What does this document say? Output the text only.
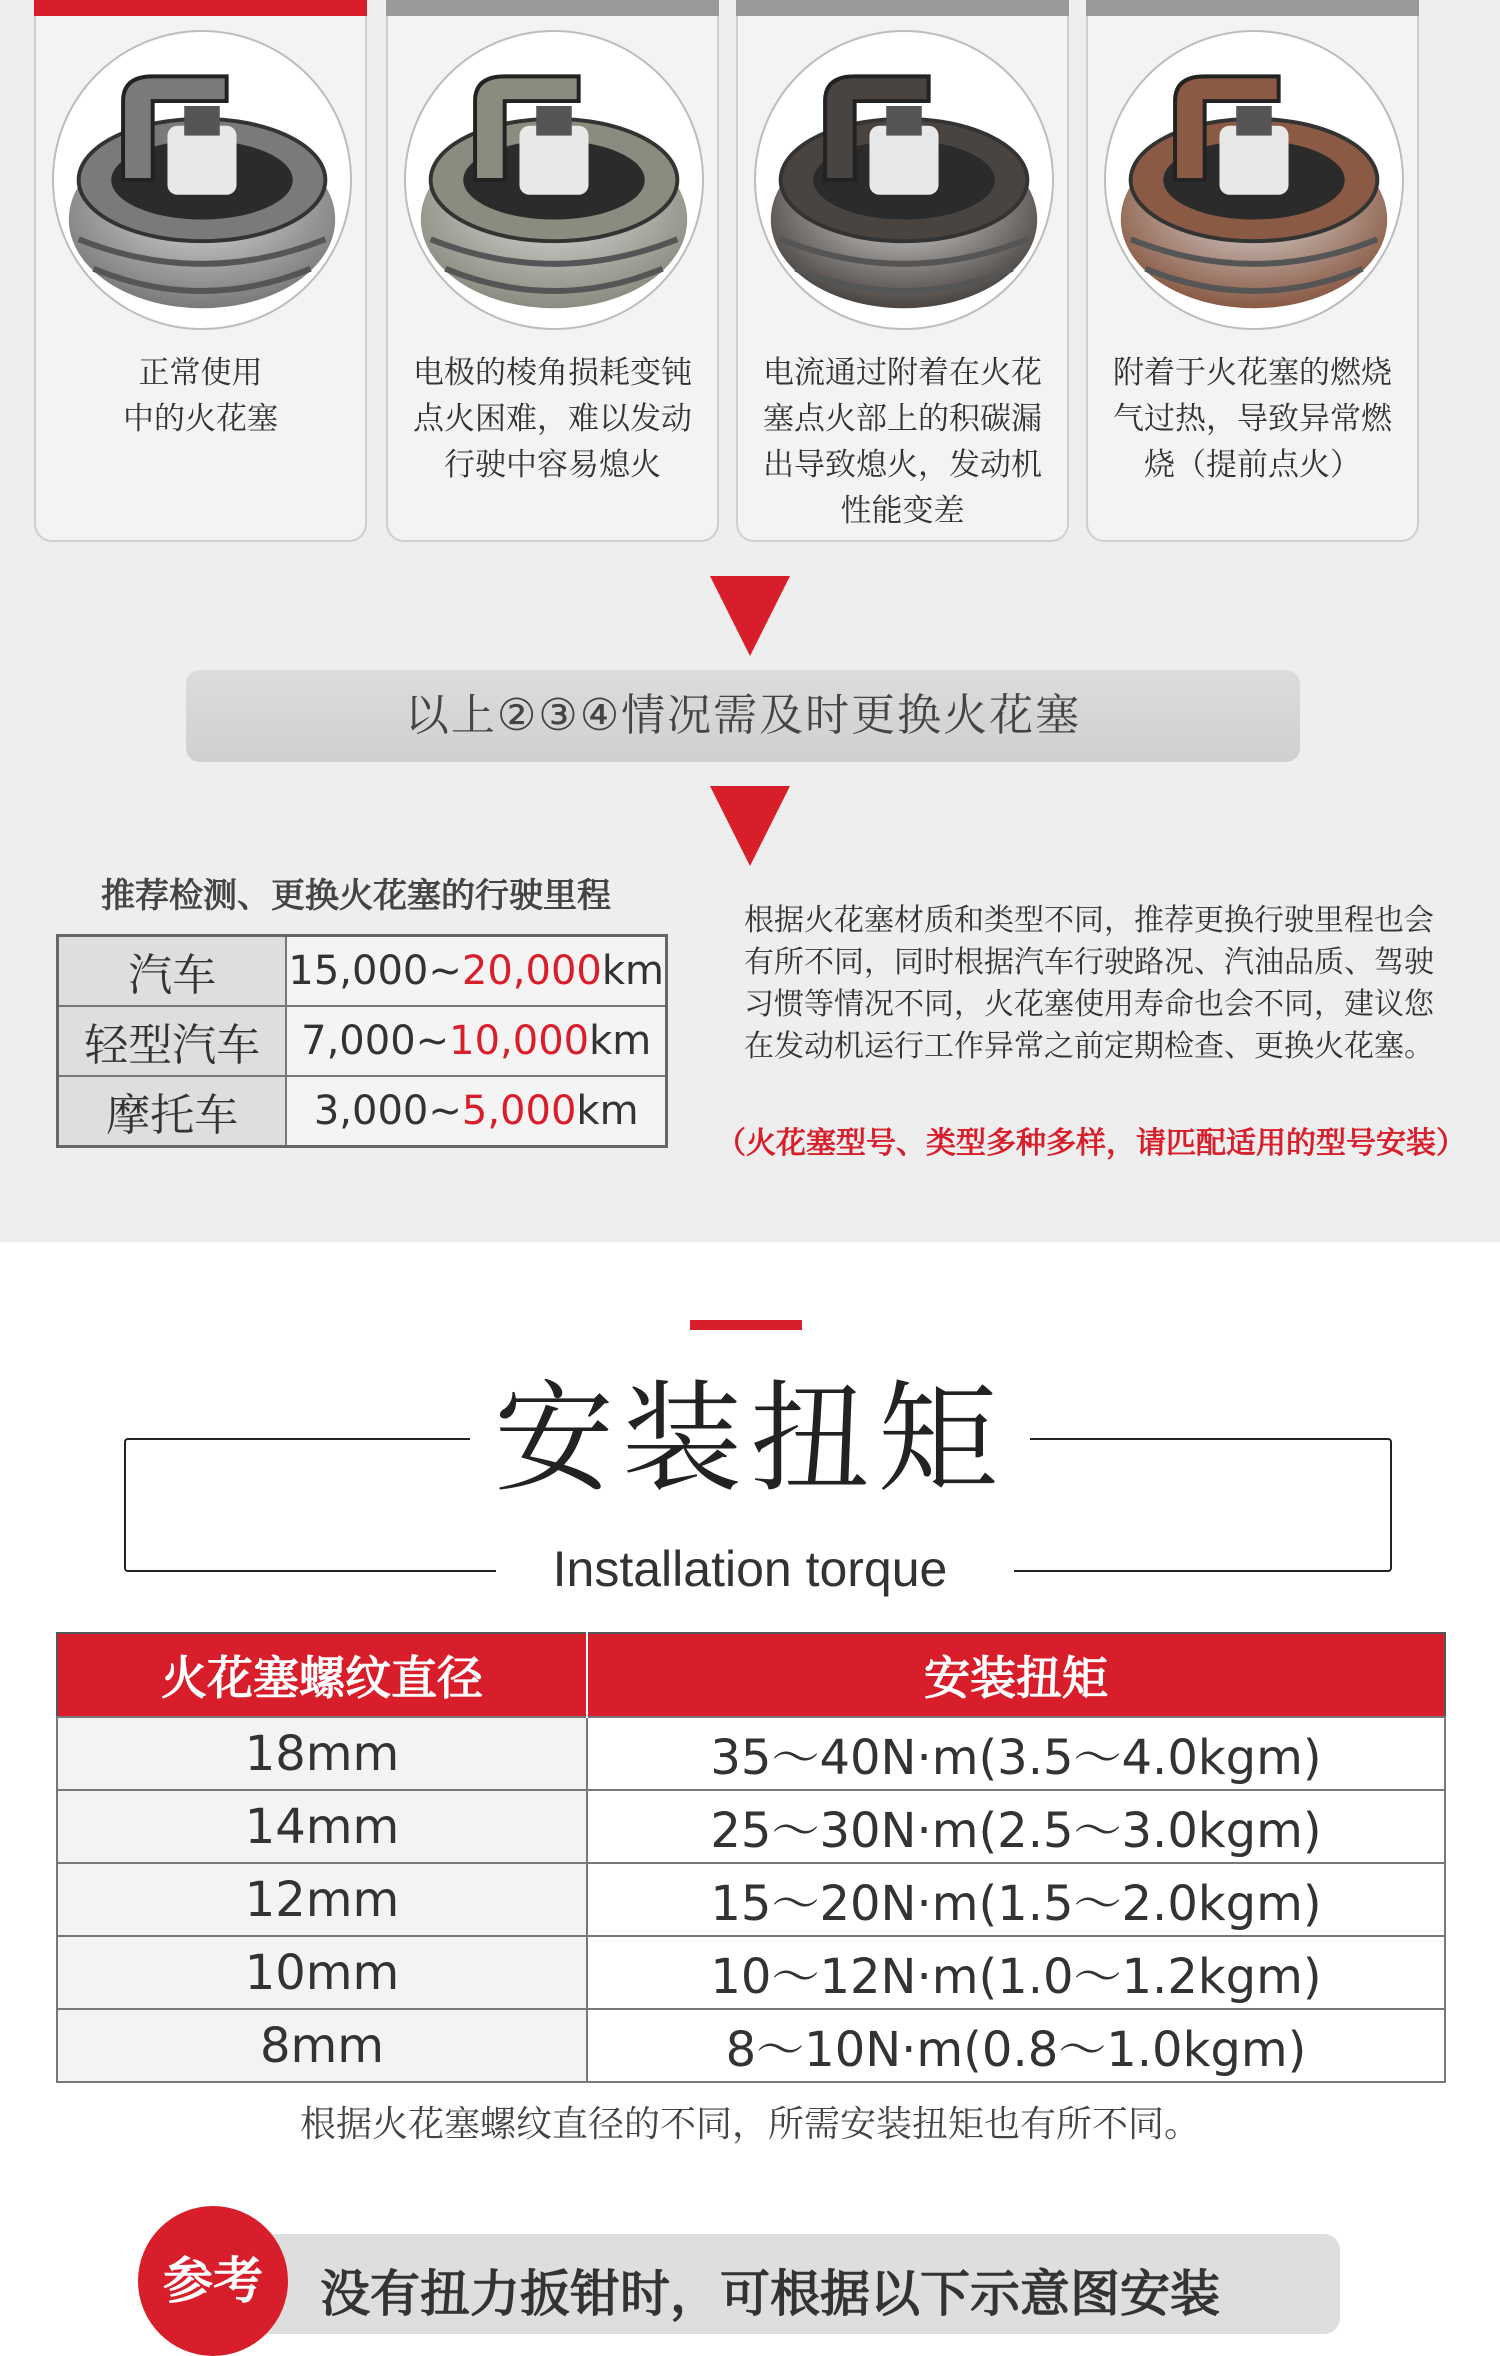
正常使用
中的火花塞
电极的棱角损耗变钝
点火困难，难以发动
行驶中容易熄火
电流通过附着在火花
塞点火部上的积碳漏
出导致熄火，发动机
性能变差
附着于火花塞的燃烧
气过热，导致异常燃
烧（提前点火）
以上②③④情况需及时更换火花塞
推荐检测、更换火花塞的行驶里程
汽车	15,000~20,000km
轻型汽车	7,000~10,000km
摩托车	3,000~5,000km
根据火花塞材质和类型不同，推荐更换行驶里程也会有所不同，同时根据汽车行驶路况、汽油品质、驾驶习惯等情况不同，火花塞使用寿命也会不同，建议您在发动机运行工作异常之前定期检查、更换火花塞。
（火花塞型号、类型多种多样，请匹配适用的型号安装）
安装扭矩
Installation torque
火花塞螺纹直径	安装扭矩
18mm	35～40N·m(3.5～4.0kgm)
14mm	25～30N·m(2.5～3.0kgm)
12mm	15～20N·m(1.5～2.0kgm)
10mm	10～12N·m(1.0～1.2kgm)
8mm	8～10N·m(0.8～1.0kgm)
根据火花塞螺纹直径的不同，所需安装扭矩也有所不同。
参考	没有扭力扳钳时，可根据以下示意图安装
